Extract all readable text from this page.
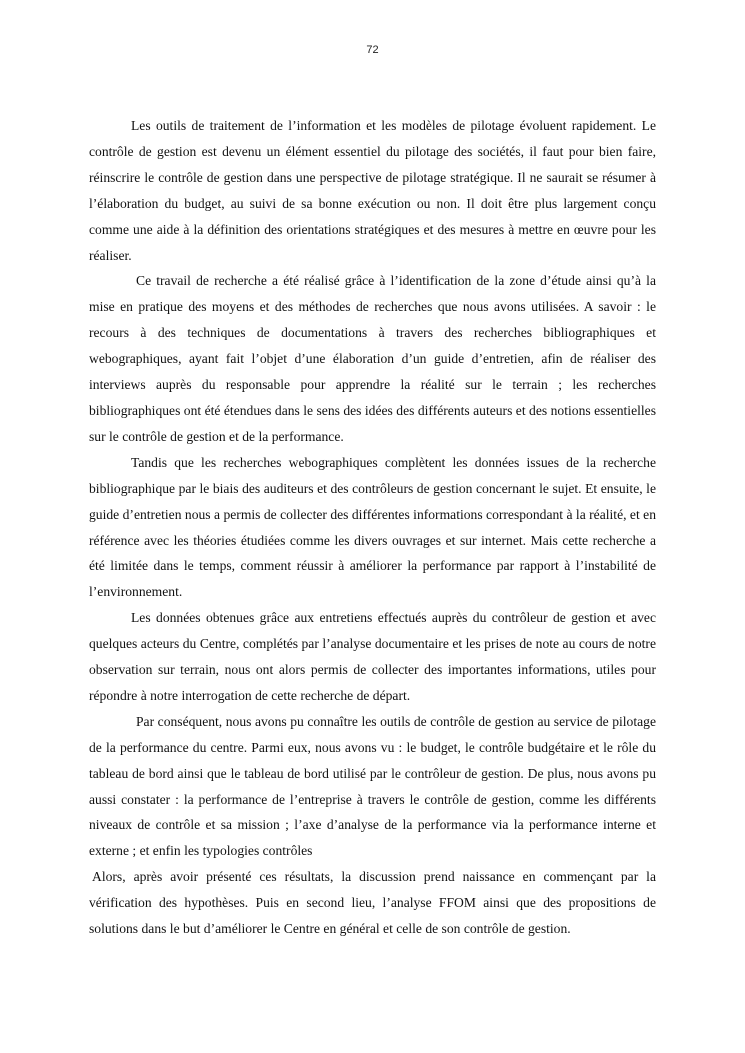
72

Les outils de traitement de l’information et les modèles de pilotage évoluent rapidement. Le contrôle de gestion est devenu un élément essentiel du pilotage des sociétés, il faut pour bien faire, réinscrire le contrôle de gestion dans une perspective de pilotage stratégique. Il ne saurait se résumer à l’élaboration du budget, au suivi de sa bonne exécution ou non. Il doit être plus largement conçu comme une aide à la définition des orientations stratégiques et des mesures à mettre en œuvre pour les réaliser.

Ce travail de recherche a été réalisé grâce à l’identification de la zone d’étude ainsi qu’à la mise en pratique des moyens et des méthodes de recherches que nous avons utilisées. A savoir : le recours à des techniques de documentations à travers des recherches bibliographiques et webographiques, ayant fait l’objet d’une élaboration d’un guide d’entretien, afin de réaliser des interviews auprès du responsable pour apprendre la réalité sur le terrain ; les recherches bibliographiques ont été étendues dans le sens des idées des différents auteurs et des notions essentielles sur le contrôle de gestion et de la performance.

Tandis que les recherches webographiques complètent les données issues de la recherche bibliographique par le biais des auditeurs et des contrôleurs de gestion concernant le sujet. Et ensuite, le guide d’entretien nous a permis de collecter des différentes informations correspondant à la réalité, et en référence avec les théories étudiées comme les divers ouvrages et sur internet. Mais cette recherche a été limitée dans le temps, comment réussir à améliorer la performance par rapport à l’instabilité de l’environnement.

Les données obtenues grâce aux entretiens effectués auprès du contrôleur de gestion et avec quelques acteurs du Centre, complétés par l’analyse documentaire et les prises de note au cours de notre observation sur terrain, nous ont alors permis de collecter des importantes informations, utiles pour répondre à notre interrogation de cette recherche de départ.

Par conséquent, nous avons pu connaître les outils de contrôle de gestion au service de pilotage de la performance du centre. Parmi eux, nous avons vu : le budget, le contrôle budgétaire et le rôle du tableau de bord ainsi que le tableau de bord utilisé par le contrôleur de gestion. De plus, nous avons pu aussi constater : la performance de l’entreprise à travers le contrôle de gestion, comme les différents niveaux de contrôle et sa mission ; l’axe d’analyse de la performance via la performance interne et externe ; et enfin les typologies contrôles

Alors, après avoir présenté ces résultats, la discussion prend naissance en commençant par la vérification des hypothèses. Puis en second lieu, l’analyse FFOM ainsi que des propositions de solutions dans le but d’améliorer le Centre en général et celle de son contrôle de gestion.
